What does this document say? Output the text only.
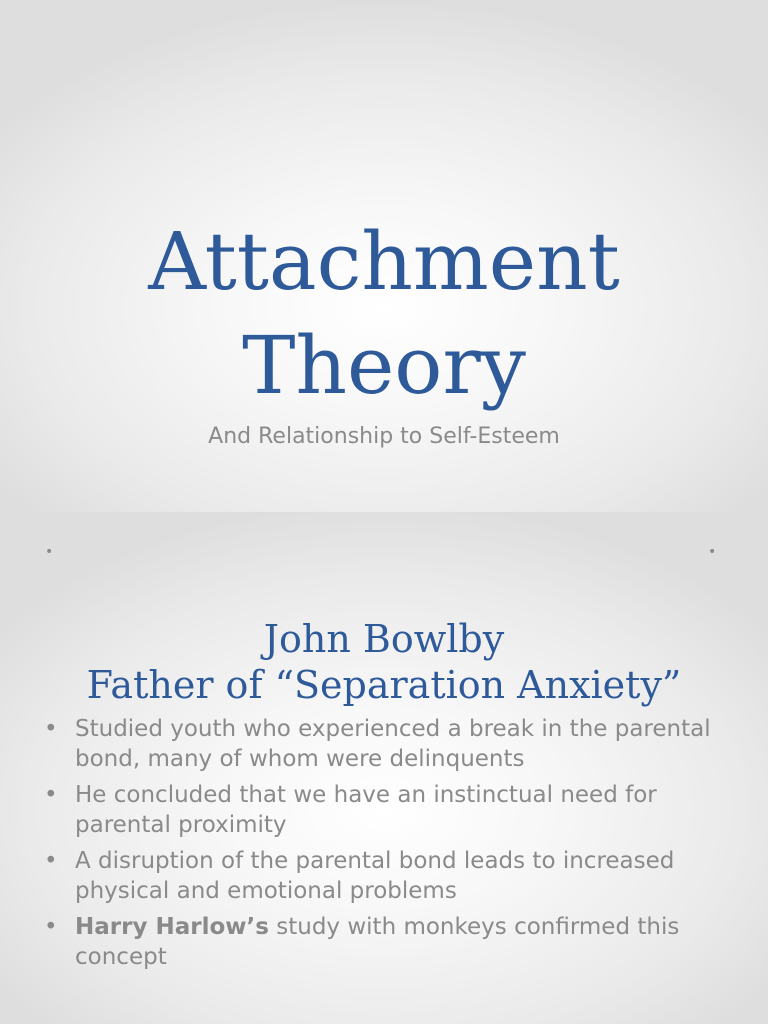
Attachment
Theory

And Relationship to Self-Esteem

•	•
John Bowlby
Father of “Separation Anxiety”
• Studied youth who experienced a break in the parental bond, many of whom were delinquents
• He concluded that we have an instinctual need for parental proximity
• A disruption of the parental bond leads to increased physical and emotional problems
• Harry Harlow’s study with monkeys confirmed this concept
